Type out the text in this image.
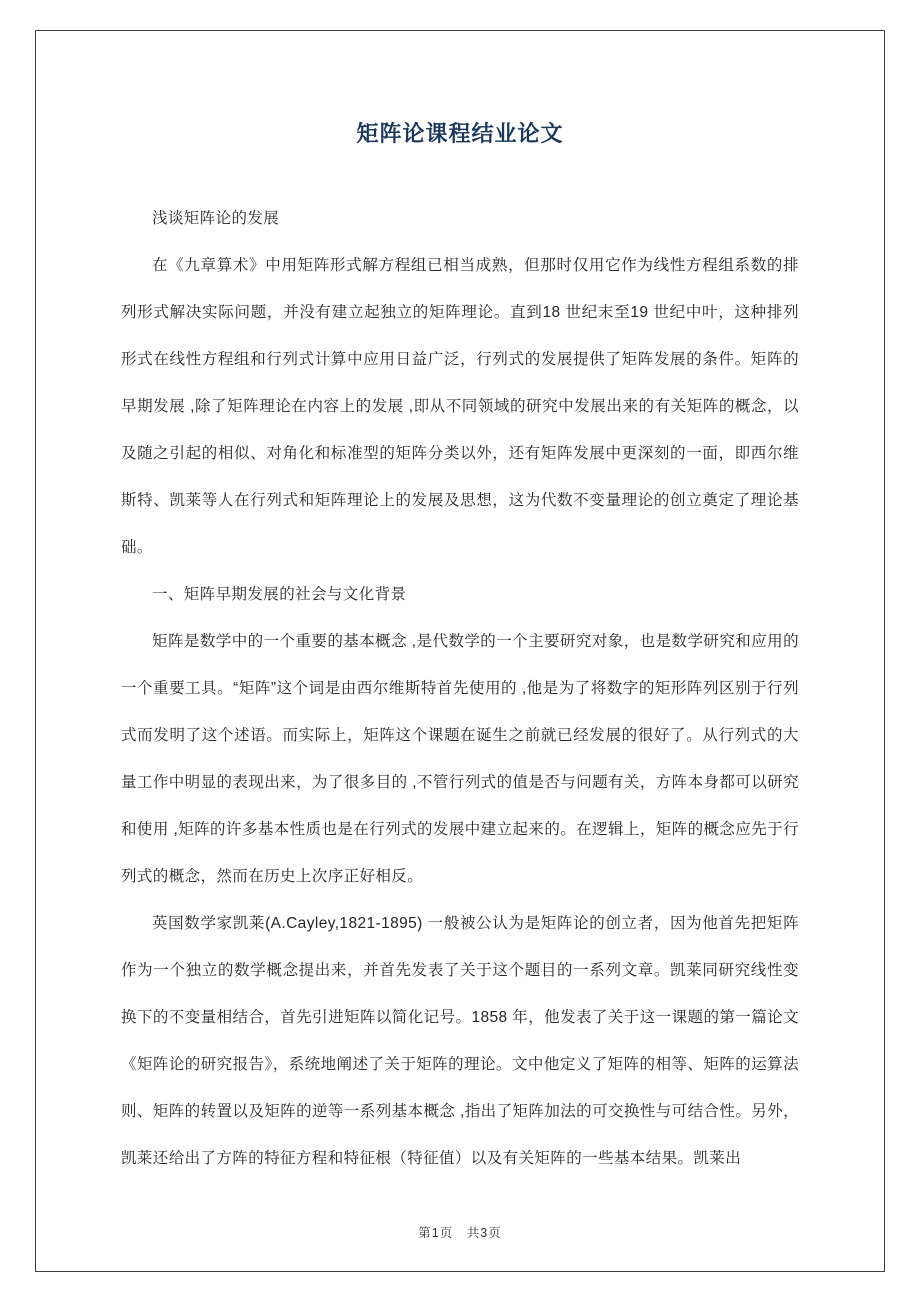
矩阵论课程结业论文

浅谈矩阵论的发展

在《九章算术》中用矩阵形式解方程组已相当成熟，但那时仅用它作为线性方程组系数的排列形式解决实际问题，并没有建立起独立的矩阵理论。直到18 世纪末至19 世纪中叶，这种排列形式在线性方程组和行列式计算中应用日益广泛，行列式的发展提供了矩阵发展的条件。矩阵的早期发展 ,除了矩阵理论在内容上的发展 ,即从不同领域的研究中发展出来的有关矩阵的概念，以及随之引起的相似、对角化和标准型的矩阵分类以外，还有矩阵发展中更深刻的一面，即西尔维斯特、凯莱等人在行列式和矩阵理论上的发展及思想，这为代数不变量理论的创立奠定了理论基础。

一、矩阵早期发展的社会与文化背景

矩阵是数学中的一个重要的基本概念 ,是代数学的一个主要研究对象，也是数学研究和应用的一个重要工具。“矩阵”这个词是由西尔维斯特首先使用的 ,他是为了将数字的矩形阵列区别于行列式而发明了这个述语。而实际上，矩阵这个课题在诞生之前就已经发展的很好了。从行列式的大量工作中明显的表现出来，为了很多目的 ,不管行列式的值是否与问题有关，方阵本身都可以研究和使用 ,矩阵的许多基本性质也是在行列式的发展中建立起来的。在逻辑上，矩阵的概念应先于行列式的概念，然而在历史上次序正好相反。

英国数学家凯莱(A.Cayley,1821-1895) 一般被公认为是矩阵论的创立者，因为他首先把矩阵作为一个独立的数学概念提出来，并首先发表了关于这个题目的一系列文章。凯莱同研究线性变换下的不变量相结合，首先引进矩阵以简化记号。1858 年，他发表了关于这一课题的第一篇论文《矩阵论的研究报告》，系统地阐述了关于矩阵的理论。文中他定义了矩阵的相等、矩阵的运算法则、矩阵的转置以及矩阵的逆等一系列基本概念 ,指出了矩阵加法的可交换性与可结合性。另外，凯莱还给出了方阵的特征方程和特征根（特征值）以及有关矩阵的一些基本结果。凯莱出

第1页　共3页
